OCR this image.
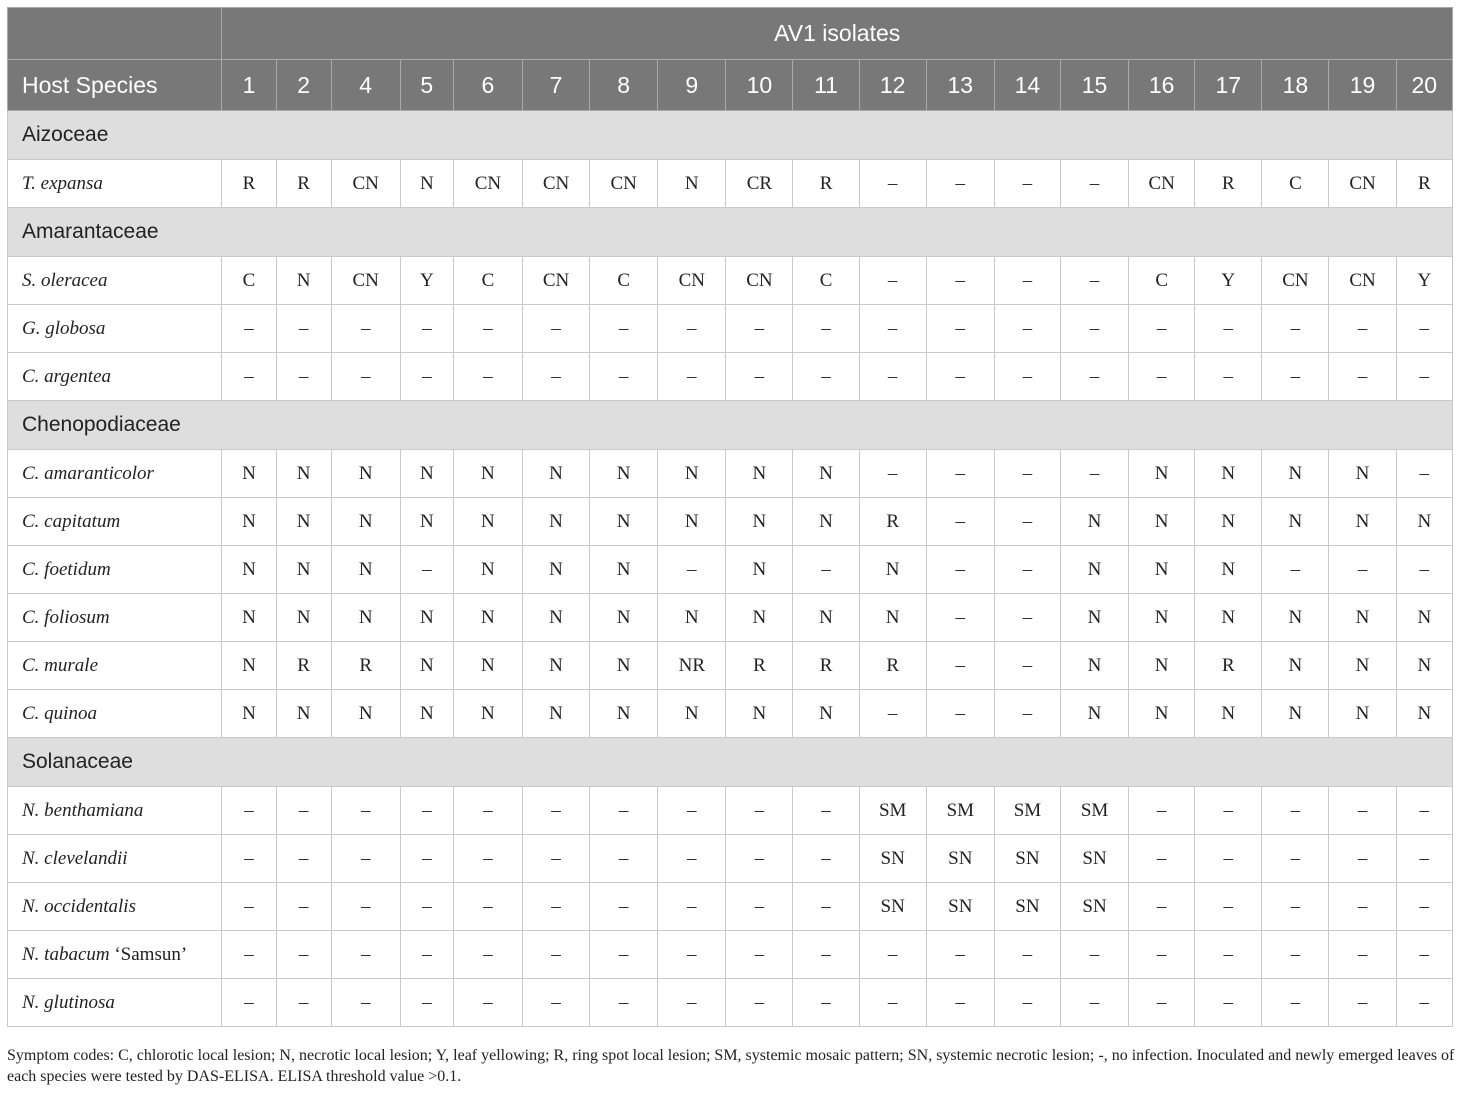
	AV1 isolates																		
Host Species	1	2	4	5	6	7	8	9	10	11	12	13	14	15	16	17	18	19	20
Aizoceae																			
T. expansa	R	R	CN	N	CN	CN	CN	N	CR	R	–	–	–	–	CN	R	C	CN	R
Amarantaceae																			
S. oleracea	C	N	CN	Y	C	CN	C	CN	CN	C	–	–	–	–	C	Y	CN	CN	Y
G. globosa	–	–	–	–	–	–	–	–	–	–	–	–	–	–	–	–	–	–	–
C. argentea	–	–	–	–	–	–	–	–	–	–	–	–	–	–	–	–	–	–	–
Chenopodiaceae																			
C. amaranticolor	N	N	N	N	N	N	N	N	N	N	–	–	–	–	N	N	N	N	–
C. capitatum	N	N	N	N	N	N	N	N	N	N	R	–	–	N	N	N	N	N	N
C. foetidum	N	N	N	–	N	N	N	–	N	–	N	–	–	N	N	N	–	–	–
C. foliosum	N	N	N	N	N	N	N	N	N	N	N	–	–	N	N	N	N	N	N
C. murale	N	R	R	N	N	N	N	NR	R	R	R	–	–	N	N	R	N	N	N
C. quinoa	N	N	N	N	N	N	N	N	N	N	–	–	–	N	N	N	N	N	N
Solanaceae																			
N. benthamiana	–	–	–	–	–	–	–	–	–	–	SM	SM	SM	SM	–	–	–	–	–
N. clevelandii	–	–	–	–	–	–	–	–	–	–	SN	SN	SN	SN	–	–	–	–	–
N. occidentalis	–	–	–	–	–	–	–	–	–	–	SN	SN	SN	SN	–	–	–	–	–
N. tabacum ‘Samsun’	–	–	–	–	–	–	–	–	–	–	–	–	–	–	–	–	–	–	–
N. glutinosa	–	–	–	–	–	–	–	–	–	–	–	–	–	–	–	–	–	–	–
Symptom codes: C, chlorotic local lesion; N, necrotic local lesion; Y, leaf yellowing; R, ring spot local lesion; SM, systemic mosaic pattern; SN, systemic necrotic lesion; -, no infection. Inoculated and newly emerged leaves of each species were tested by DAS-ELISA. ELISA threshold value >0.1.
